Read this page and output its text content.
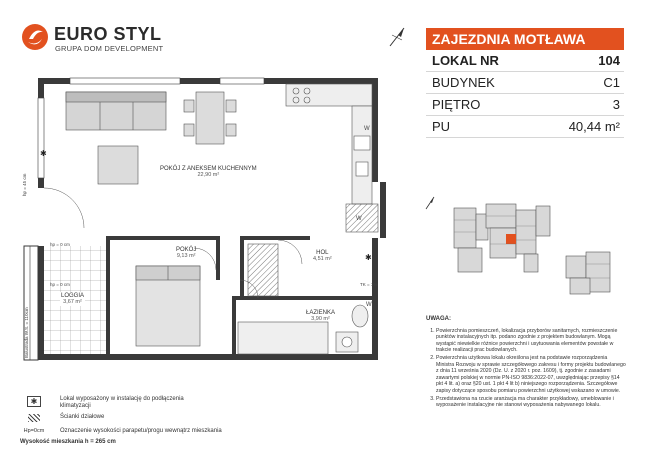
EURO STYL
GRUPA DOM DEVELOPMENT
ZAJEZDNIA MOTŁAWA
LOKAL NR	104
BUDYNEK	C1
PIĘTRO	3
PU	40,44 m²
UWAGA:
1. Powierzchnia pomieszczeń, lokalizacja przyborów sanitarnych, rozmieszczenie punktów instalacyjnych itp. podano zgodnie z projektem budowlanym. Mogą wystąpić niewielkie różnice powierzchni i usytuowania elementów powstałe w trakcie realizacji prac budowlanych.
2. Powierzchnia użytkowa lokalu określona jest na podstawie rozporządzenia Ministra Rozwoju w sprawie szczegółowego zakresu i formy projektu budowlanego z dnia 11 września 2020 (Dz. U. z 2020 r. poz. 1609), tj. zgodnie z zasadami zawartymi polskiej w normie PN-ISO 9836:2022-07, uwzględniając przepisy §14 pkt 4 lit. a) oraz §20 ust. 1 pkt 4 lit b) niniejszego rozporządzenia. Szczegółowe zapisy dotyczące sposobu pomiaru powierzchni użytkowej wskazano w umowie.
3. Przedstawiona na rzucie aranżacja ma charakter przykładowy, umeblowanie i wyposażenie instalacyjne nie stanowi wyposażenia nabywanego lokalu.
✱
✱
POKÓJ Z ANEKSEM KUCHENNYM
22,90 m²
POKÓJ
9,13 m²	HOL
4,51 m²
ŁAZIENKA
3,90 m²
LOGGIA
3,67 m²
hp = 45 cm
hp = 0 cm
hp = 0 cm
Balustrada W.S. = 110cm
TK = 1%
W
W
W
✱	Lokal wyposażony w instalację do podłączenia klimatyzacji
Ścianki działowe
Hp=0cm	Oznaczenie wysokości parapetu/progu wewnątrz mieszkania
Wysokość mieszkania h = 265 cm
